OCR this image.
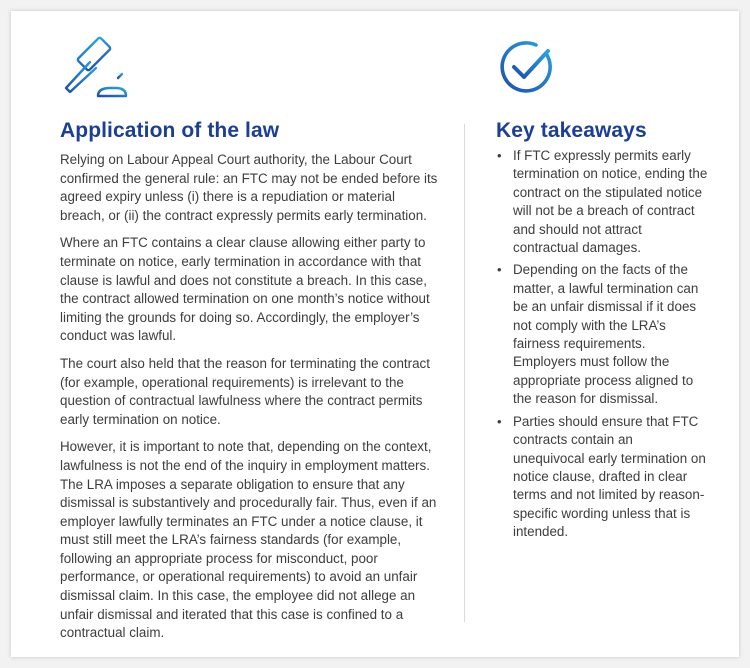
Application of the law

Relying on Labour Appeal Court authority, the Labour Court confirmed the general rule: an FTC may not be ended before its agreed expiry unless (i) there is a repudiation or material breach, or (ii) the contract expressly permits early termination.

Where an FTC contains a clear clause allowing either party to terminate on notice, early termination in accordance with that clause is lawful and does not constitute a breach. In this case, the contract allowed termination on one month’s notice without limiting the grounds for doing so. Accordingly, the employer’s conduct was lawful.

The court also held that the reason for terminating the contract (for example, operational requirements) is irrelevant to the question of contractual lawfulness where the contract permits early termination on notice.

However, it is important to note that, depending on the context, lawfulness is not the end of the inquiry in employment matters. The LRA imposes a separate obligation to ensure that any dismissal is substantively and procedurally fair. Thus, even if an employer lawfully terminates an FTC under a notice clause, it must still meet the LRA’s fairness standards (for example, following an appropriate process for misconduct, poor performance, or operational requirements) to avoid an unfair dismissal claim. In this case, the employee did not allege an unfair dismissal and iterated that this case is confined to a contractual claim.

Key takeaways
• If FTC expressly permits early termination on notice, ending the contract on the stipulated notice will not be a breach of contract and should not attract contractual damages.
• Depending on the facts of the matter, a lawful termination can be an unfair dismissal if it does not comply with the LRA’s fairness requirements. Employers must follow the appropriate process aligned to the reason for dismissal.
• Parties should ensure that FTC contracts contain an unequivocal early termination on notice clause, drafted in clear terms and not limited by reason-specific wording unless that is intended.
